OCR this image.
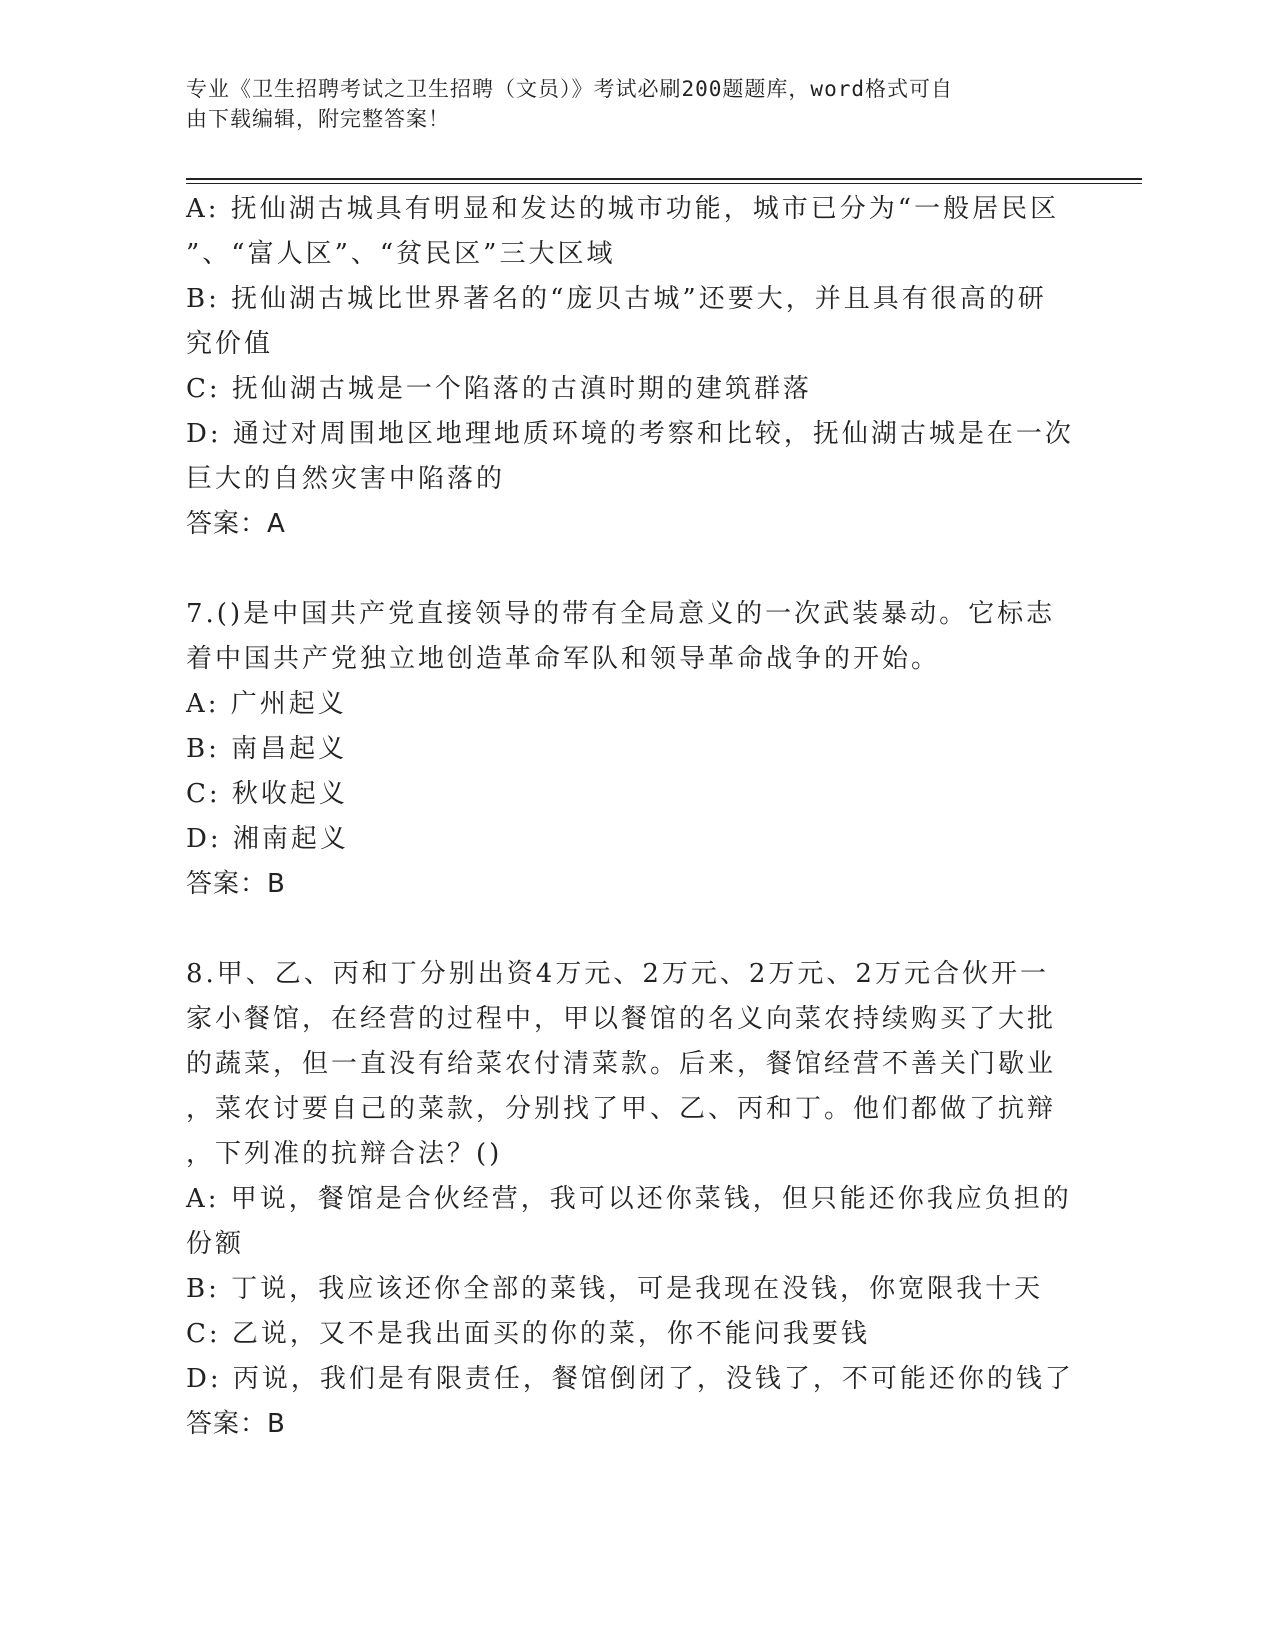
专业《卫生招聘考试之卫生招聘（文员）》考试必刷200题题库，word格式可自
由下载编辑，附完整答案！
A: 抚仙湖古城具有明显和发达的城市功能，城市已分为“一般居民区
”、“富人区”、“贫民区”三大区域
B: 抚仙湖古城比世界著名的“庞贝古城”还要大，并且具有很高的研
究价值
C: 抚仙湖古城是一个陷落的古滇时期的建筑群落
D: 通过对周围地区地理地质环境的考察和比较，抚仙湖古城是在一次
巨大的自然灾害中陷落的
答案：A
7.()是中国共产党直接领导的带有全局意义的一次武装暴动。它标志
着中国共产党独立地创造革命军队和领导革命战争的开始。
A: 广州起义
B: 南昌起义
C: 秋收起义
D: 湘南起义
答案：B
8.甲、乙、丙和丁分别出资4万元、2万元、2万元、2万元合伙开一
家小餐馆，在经营的过程中，甲以餐馆的名义向菜农持续购买了大批
的蔬菜，但一直没有给菜农付清菜款。后来，餐馆经营不善关门歇业
，菜农讨要自己的菜款，分别找了甲、乙、丙和丁。他们都做了抗辩
，下列准的抗辩合法？()
A: 甲说，餐馆是合伙经营，我可以还你菜钱，但只能还你我应负担的
份额
B: 丁说，我应该还你全部的菜钱，可是我现在没钱，你宽限我十天
C: 乙说，又不是我出面买的你的菜，你不能问我要钱
D: 丙说，我们是有限责任，餐馆倒闭了，没钱了，不可能还你的钱了
答案：B
